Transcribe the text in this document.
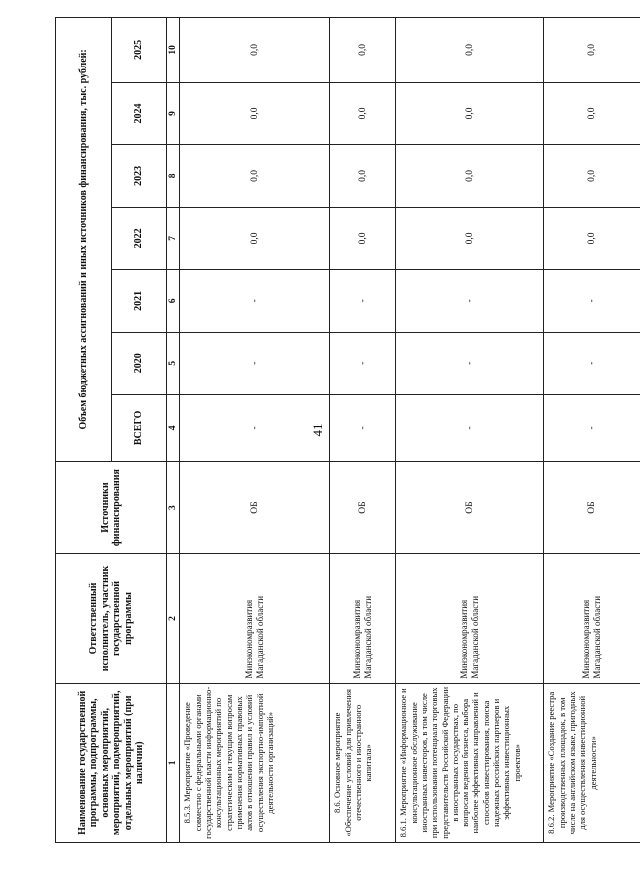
41
Наименование государственной программы, подпрограммы, основных мероприятий, мероприятий, подмероприятий, отдельных мероприятий (при наличии)	Ответственный исполнитель, участник государственной программы	Источники финансирования	Объем бюджетных ассигнований и иных источников финансирования, тыс. рублей:						
			ВСЕГО	2020	2021	2022	2023	2024	2025
1	2	3	4	5	6	7	8	9	10
8.5.3. Мероприятие «Проведение совместно с федеральными органами государственной власти информационно-консультационных мероприятий по стратегическим и текущим вопросам применения нормативных правовых актов в отношении правил и условий осуществления экспортно-импортной деятельности организаций»	Минэкономразвития Магаданской области	ОБ	-	-	-	0,0	0,0	0,0	0,0
8.6. Основное мероприятие «Обеспечение условий для привлечения отечественного и иностранного капитала»	Минэкономразвития Магаданской области	ОБ	-	-	-	0,0	0,0	0,0	0,0
8.6.1. Мероприятие «Информационное и консультационное обслуживание иностранных инвесторов, в том числе при использовании потенциала торговых представительств Российской Федерации в иностранных государствах, по вопросам ведения бизнеса, выбора наиболее эффективных направлений и способов инвестирования, поиска надежных российских партнеров и эффективных инвестиционных проектов»	Минэкономразвития Магаданской области	ОБ	-	-	-	0,0	0,0	0,0	0,0
8.6.2. Мероприятие «Создание реестра производственных площадок, в том числе на английском языке, пригодных для осуществления инвестиционной деятельности»	Минэкономразвития Магаданской области	ОБ	-	-	-	0,0	0,0	0,0	0,0
